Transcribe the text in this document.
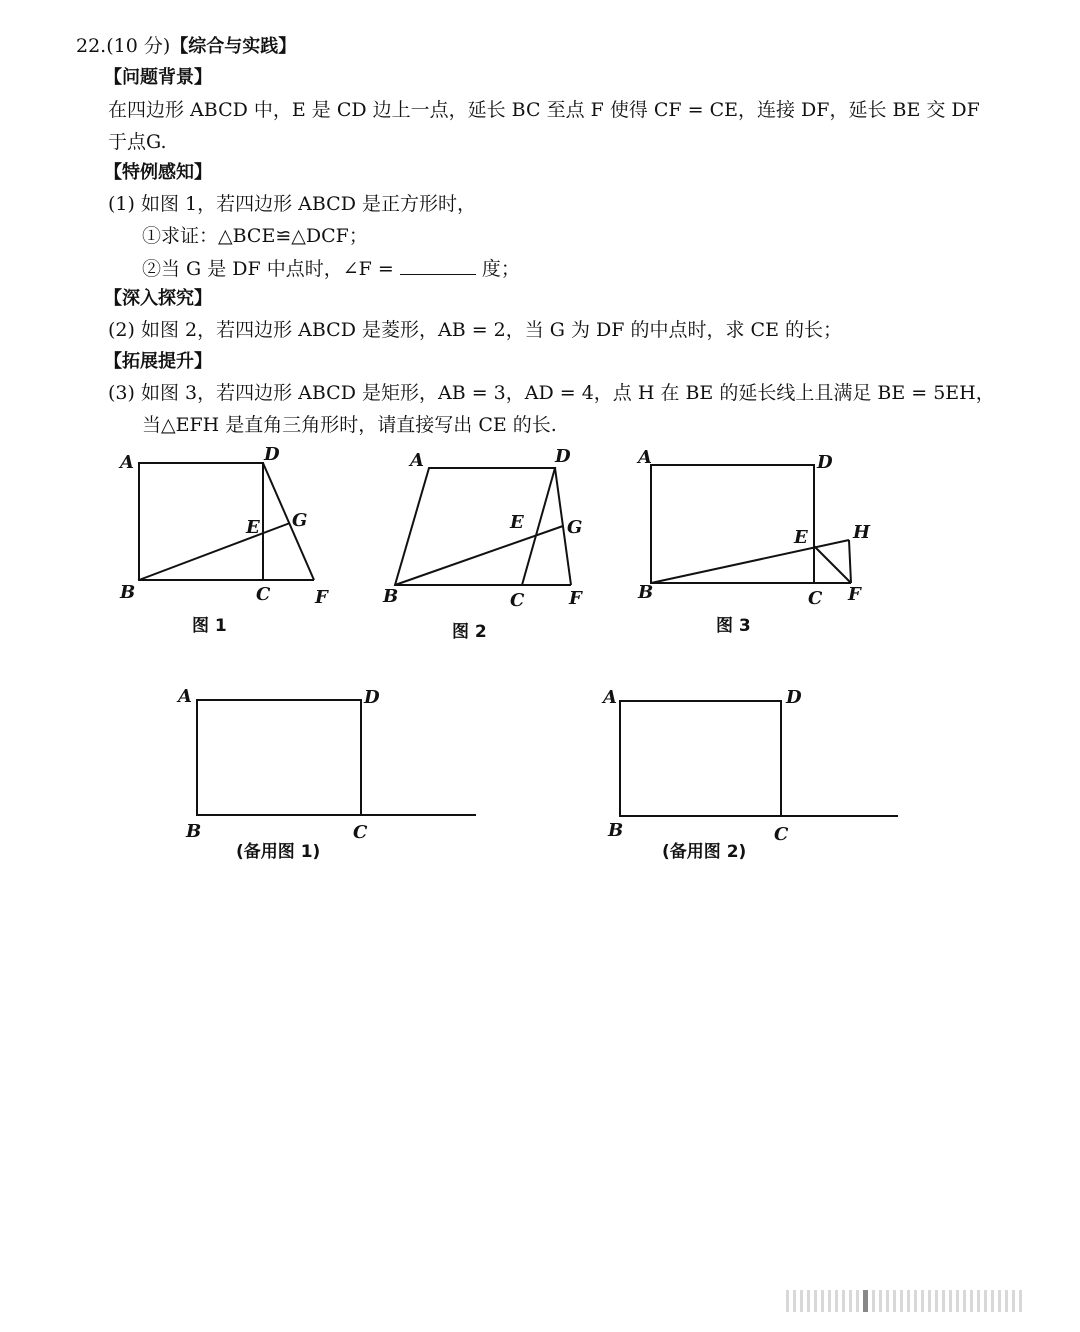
22.(10 分)【综合与实践】
【问题背景】
在四边形 ABCD 中，E 是 CD 边上一点，延长 BC 至点 F 使得 CF = CE，连接 DF，延长 BE 交 DF
于点G.
【特例感知】
(1) 如图 1，若四边形 ABCD 是正方形时，
①求证：△BCE≌△DCF；
②当 G 是 DF 中点时，∠F =	度；
【深入探究】
(2) 如图 2，若四边形 ABCD 是菱形，AB = 2，当 G 为 DF 的中点时，求 CE 的长；
【拓展提升】
(3) 如图 3，若四边形 ABCD 是矩形，AB = 3，AD = 4，点 H 在 BE 的延长线上且满足 BE = 5EH，
当△EFH 是直角三角形时，请直接写出 CE 的长.
A	D
E G
B	C F
图 1
A	D
E G
B	C F
图 2
A	D
E	H
B	C F
图 3
A	D
B	C
(备用图 1)
A	D
B	C
(备用图 2)
